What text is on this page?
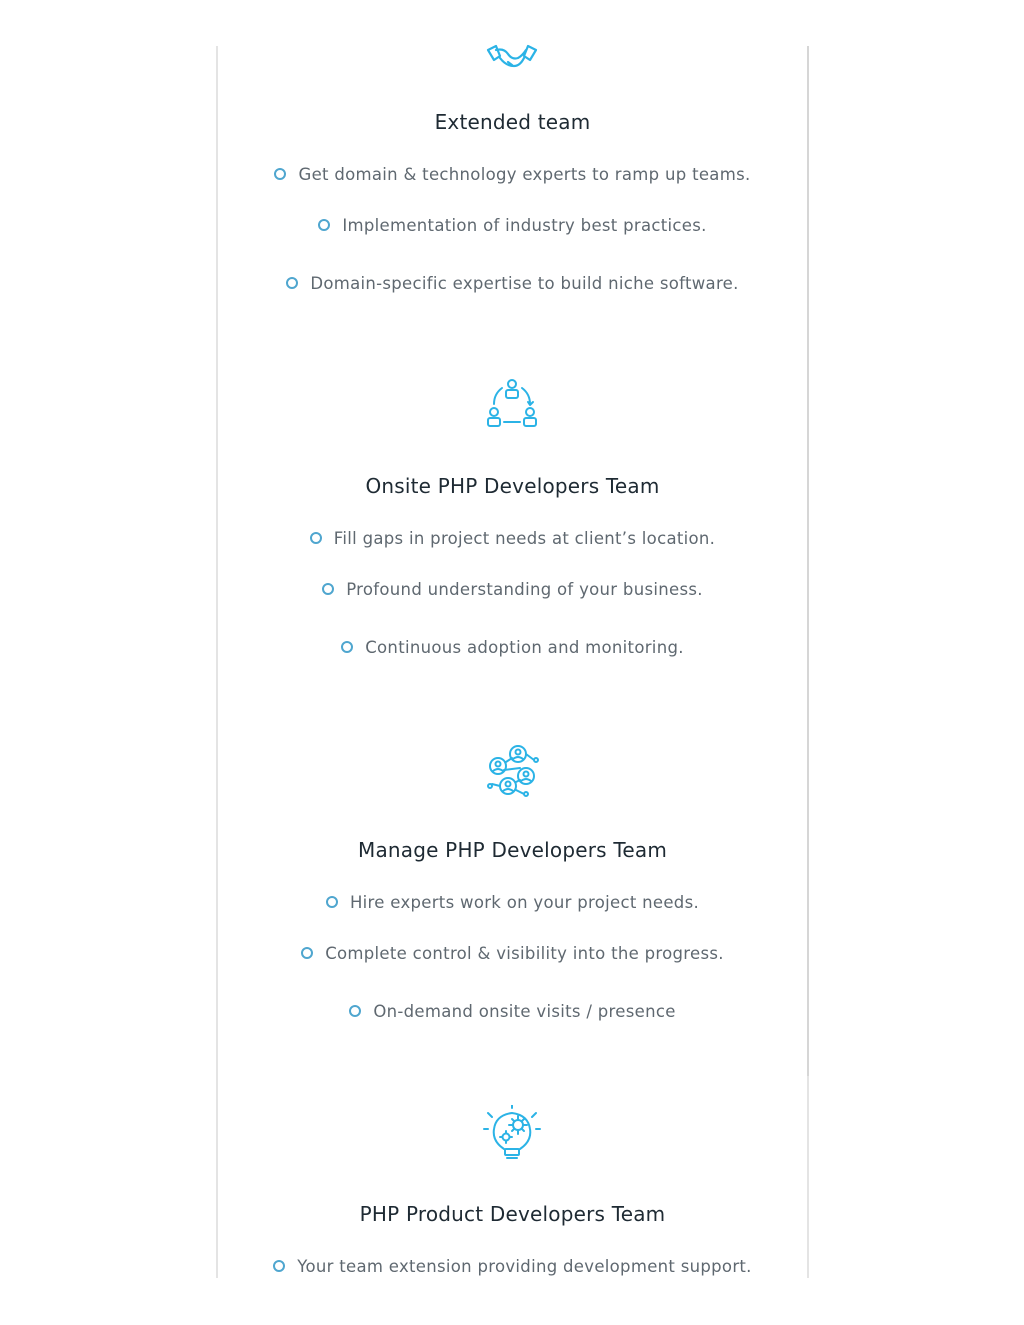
Extended team
Get domain & technology experts to ramp up teams.
Implementation of industry best practices.
Domain-specific expertise to build niche software.
Onsite PHP Developers Team
Fill gaps in project needs at client’s location.
Profound understanding of your business.
Continuous adoption and monitoring.
Manage PHP Developers Team
Hire experts work on your project needs.
Complete control & visibility into the progress.
On-demand onsite visits / presence
PHP Product Developers Team
Your team extension providing development support.
